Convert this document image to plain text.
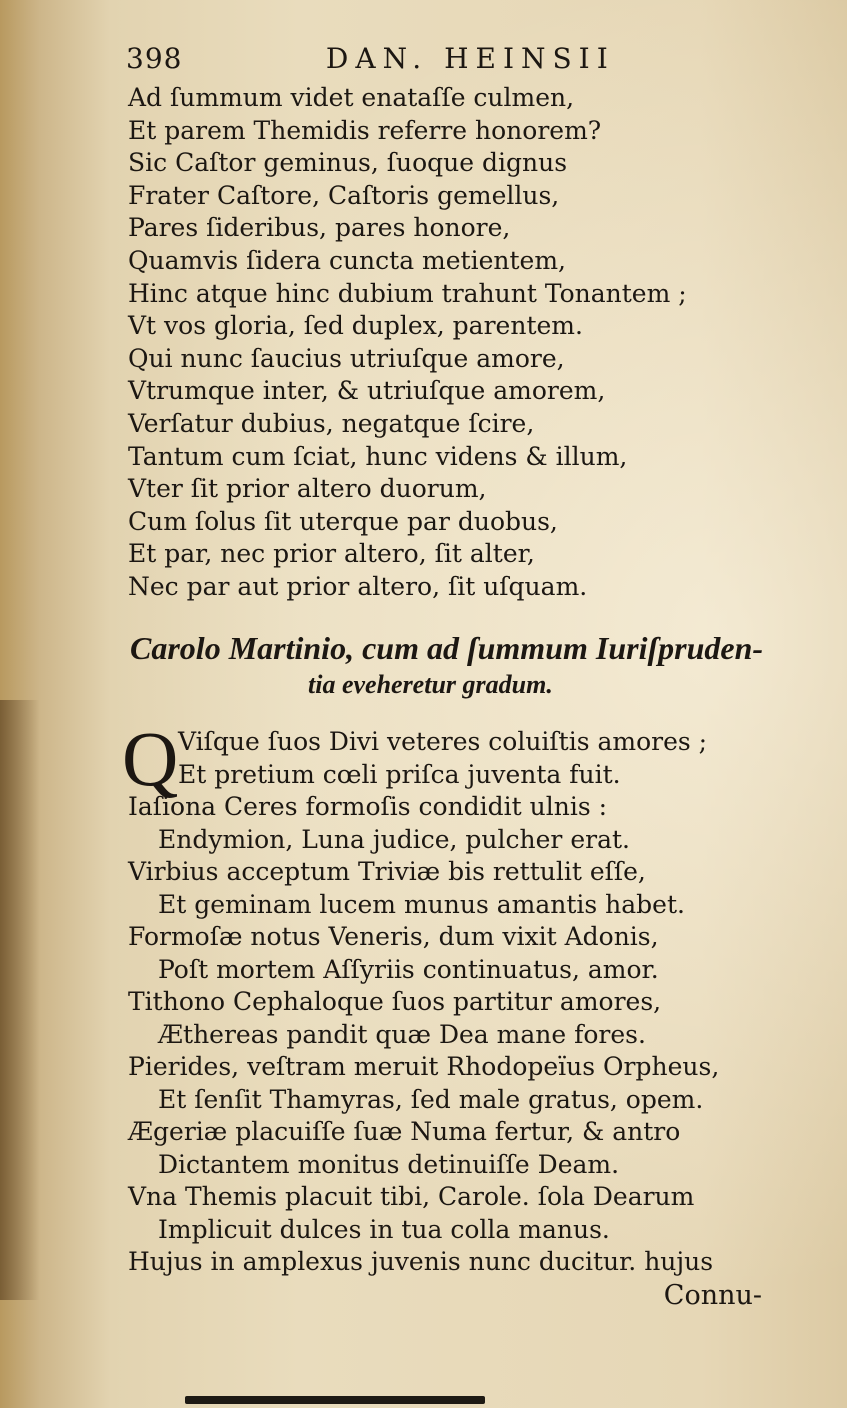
398	DAN. HEINSII
Ad ſummum videt enataſſe culmen,
Et parem Themidis referre honorem?
Sic Caſtor geminus, ſuoque dignus
Frater Caſtore, Caſtoris gemellus,
Pares ſideribus, pares honore,
Quamvis ſidera cuncta metientem,
Hinc atque hinc dubium trahunt Tonantem ;
Vt vos gloria, ſed duplex, parentem.
Qui nunc ſaucius utriuſque amore,
Vtrumque inter, & utriuſque amorem,
Verſatur dubius, negatque ſcire,
Tantum cum ſciat, hunc videns & illum,
Vter ſit prior altero duorum,
Cum ſolus ſit uterque par duobus,
Et par, nec prior altero, ſit alter,
Nec par aut prior altero, ſit uſquam.
Carolo Martinio, cum ad ſummum Iuriſpruden-
tia eveheretur gradum.
Q Viſque ſuos Divi veteres coluiſtis amores ;
Et pretium cœli priſca juventa fuit.
Iaſiona Ceres formoſis condidit ulnis :
Endymion, Luna judice, pulcher erat.
Virbius acceptum Triviæ bis rettulit eſſe,
Et geminam lucem munus amantis habet.
Formoſæ notus Veneris, dum vixit Adonis,
Poſt mortem Aſſyriis continuatus, amor.
Tithono Cephaloque ſuos partitur amores,
Æthereas pandit quæ Dea mane fores.
Pierides, veſtram meruit Rhodopeïus Orpheus,
Et ſenſit Thamyras, ſed male gratus, opem.
Ægeriæ placuiſſe ſuæ Numa fertur, & antro
Dictantem monitus detinuiſſe Deam.
Vna Themis placuit tibi, Carole. ſola Dearum
Implicuit dulces in tua colla manus.
Hujus in amplexus juvenis nunc ducitur. hujus
Connu-
